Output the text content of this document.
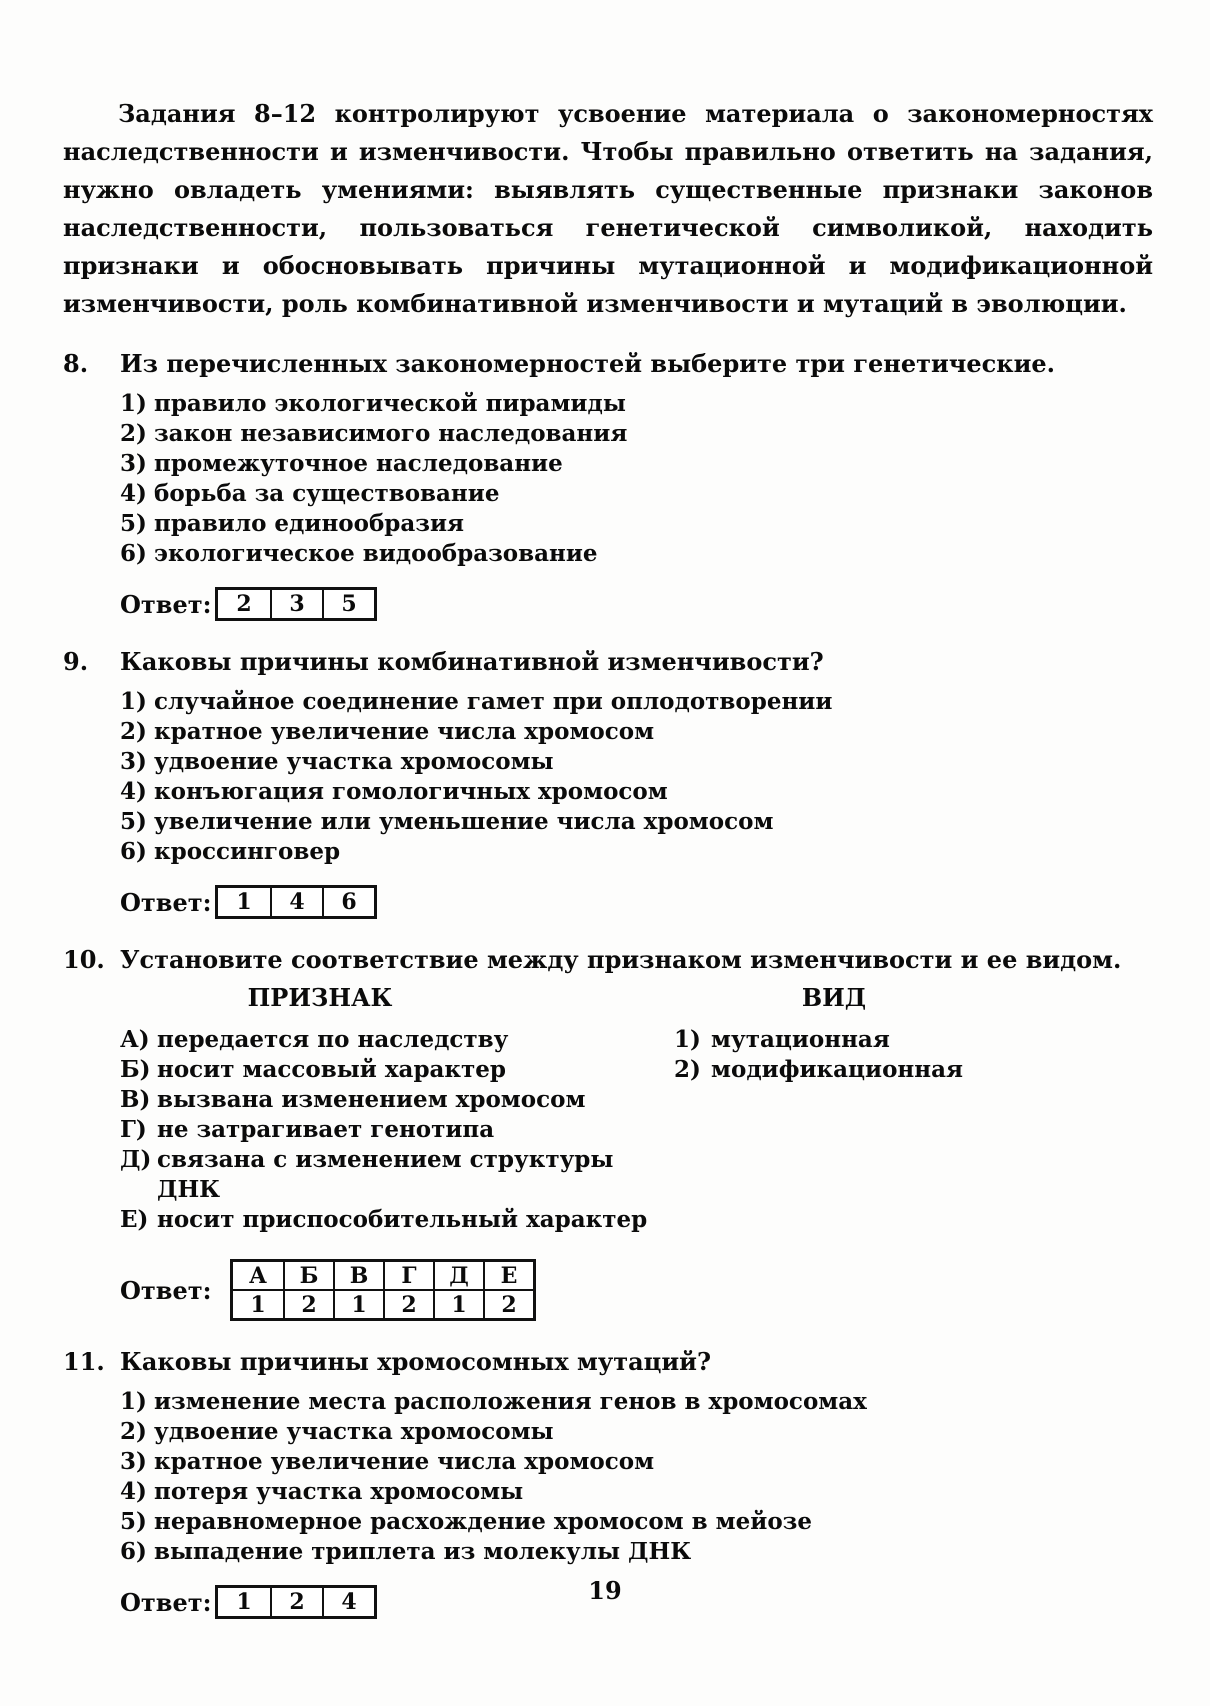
Задания 8–12 контролируют усвоение материала о закономерностях наследственности и изменчивости. Чтобы правильно ответить на задания, нужно овладеть умениями: выявлять существенные признаки законов наследственности, пользоваться генетической символикой, находить признаки и обосновывать причины мутационной и модификационной изменчивости, роль комбинативной изменчивости и мутаций в эволюции.

8.	Из перечисленных закономерностей выберите три генетические.
1) правило экологической пирамиды
2) закон независимого наследования
3) промежуточное наследование
4) борьба за существование
5) правило единообразия
6) экологическое видообразование
Ответ:	2	3	5
9.	Каковы причины комбинативной изменчивости?
1) случайное соединение гамет при оплодотворении
2) кратное увеличение числа хромосом
3) удвоение участка хромосомы
4) конъюгация гомологичных хромосом
5) увеличение или уменьшение числа хромосом
6) кроссинговер
Ответ:	1	4	6
10. Установите соответствие между признаком изменчивости и ее видом.
ПРИЗНАК
А) передается по наследству
Б) носит массовый характер
В) вызвана изменением хромосом
Г) не затрагивает генотипа
Д) связана с изменением структуры ДНК
Е) носит приспособительный характер
ВИД
1) мутационная
2) модификационная
Ответ:	А	Б	В	Г	Д	Е
1	2	1	2	1	2
11. Каковы причины хромосомных мутаций?
1) изменение места расположения генов в хромосомах
2) удвоение участка хромосомы
3) кратное увеличение числа хромосом
4) потеря участка хромосомы
5) неравномерное расхождение хромосом в мейозе
6) выпадение триплета из молекулы ДНК
Ответ:	1	2	4	19
